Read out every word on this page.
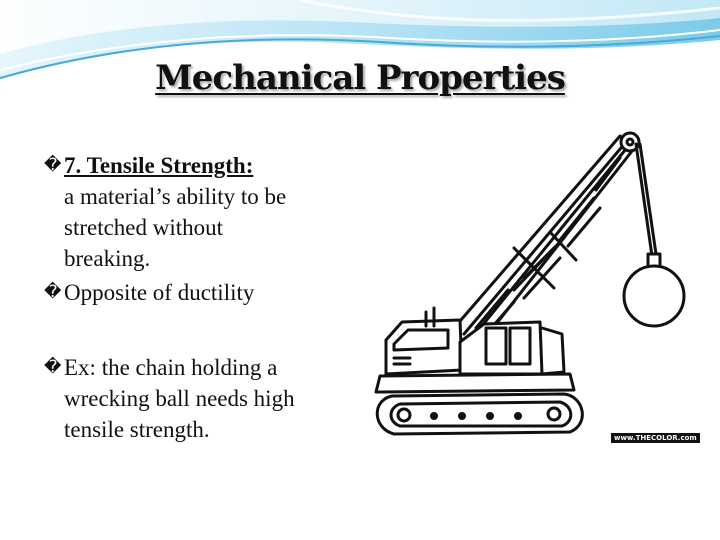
Mechanical Properties
� 7. Tensile Strength:
a material’s ability to be
stretched without
breaking.
� Opposite of ductility
� Ex: the chain holding a
wrecking ball needs high
tensile strength.	www.THECOLOR.com
